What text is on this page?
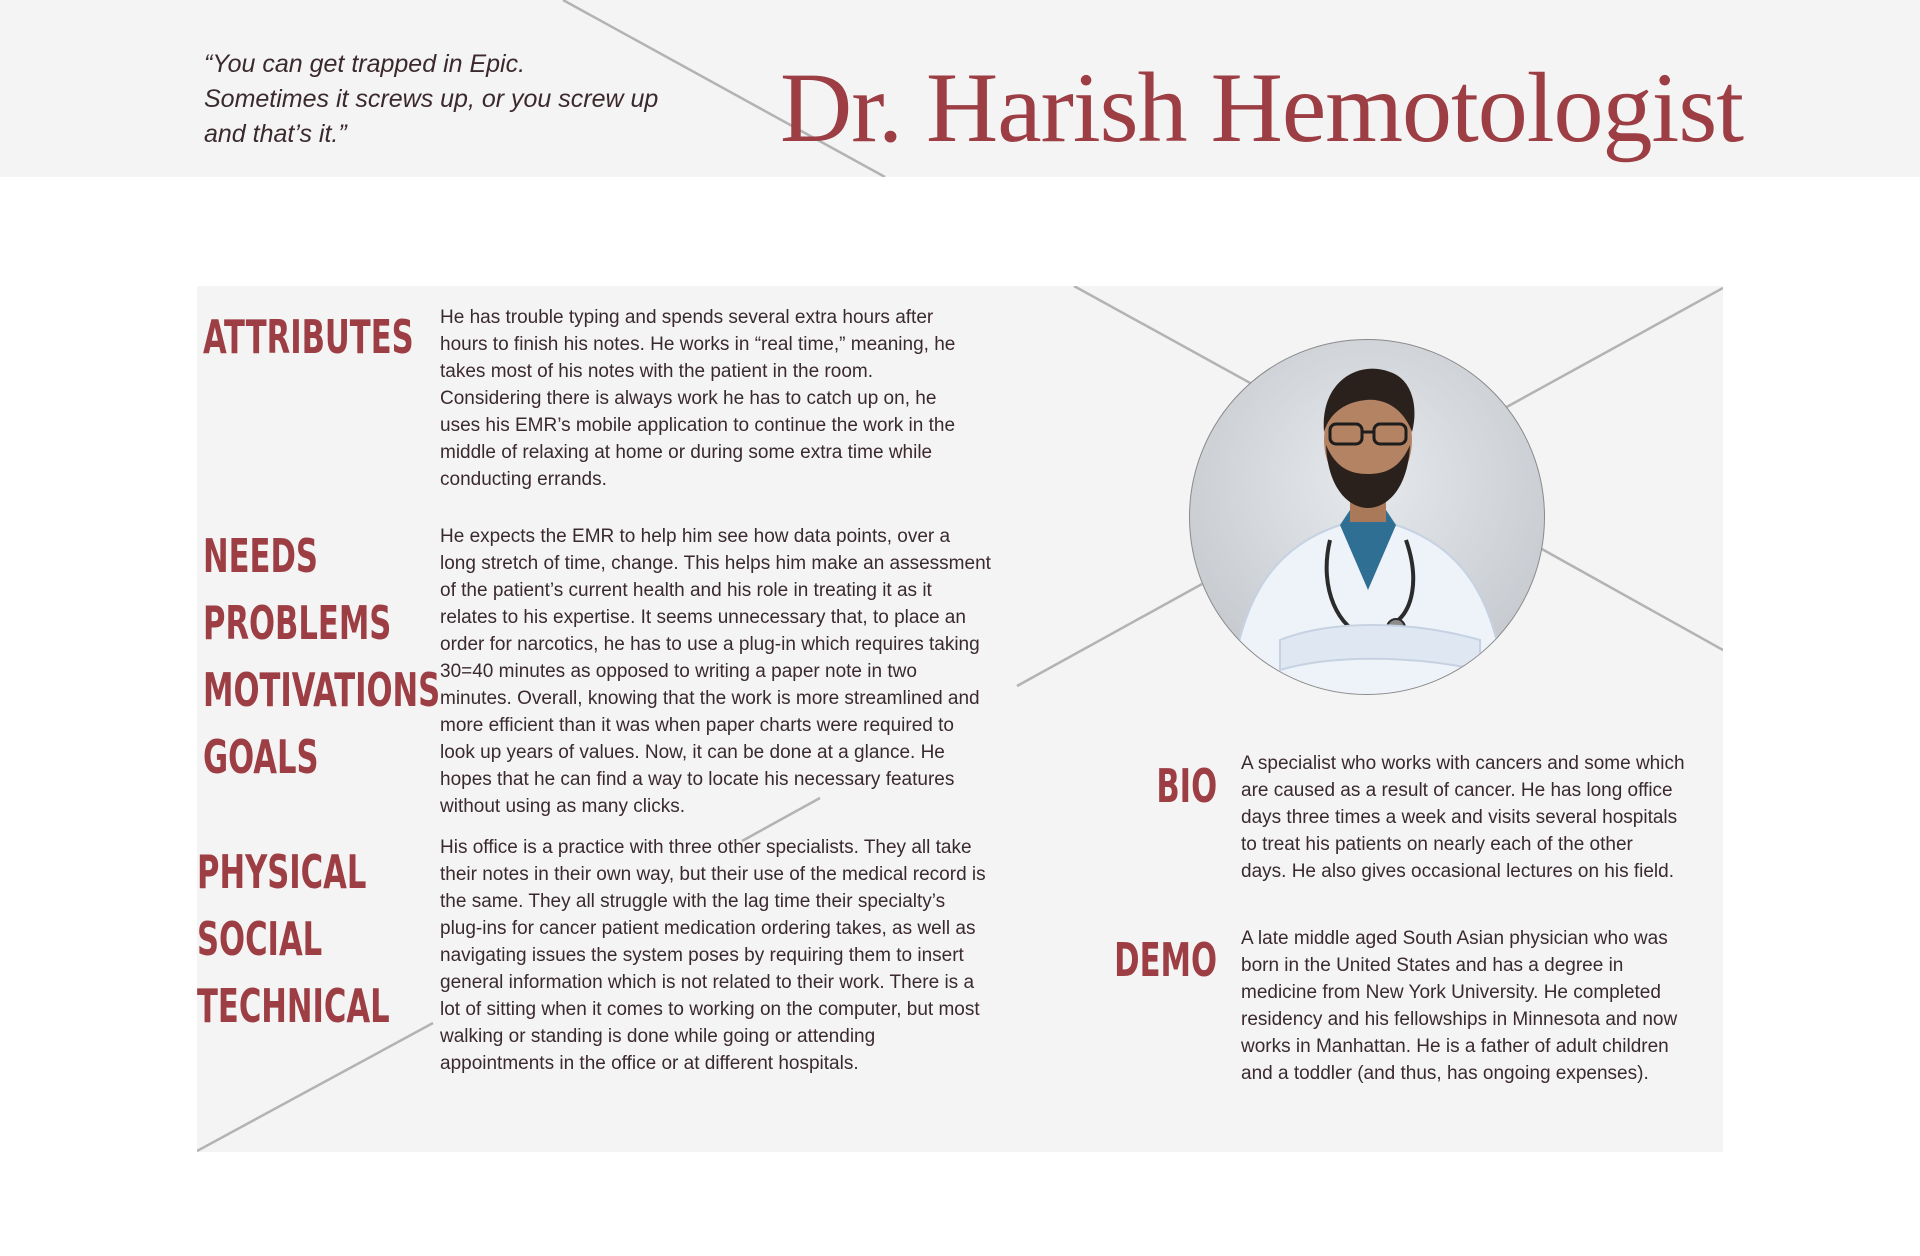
“You can get trapped in Epic.
Sometimes it screws up, or you screw up
and that’s it.”	Dr. Harish Hemotologist
ATTRIBUTES He has trouble typing and spends several extra hours after
hours to finish his notes. He works in “real time,” meaning, he
takes most of his notes with the patient in the room.
Considering there is always work he has to catch up on, he
uses his EMR’s mobile application to continue the work in the
middle of relaxing at home or during some extra time while
conducting errands.
NEEDS
PROBLEMS
MOTIVATIONS
GOALS
He expects the EMR to help him see how data points, over a
long stretch of time, change. This helps him make an assessment
of the patient’s current health and his role in treating it as it
relates to his expertise. It seems unnecessary that, to place an
order for narcotics, he has to use a plug-in which requires taking
30=40 minutes as opposed to writing a paper note in two
minutes. Overall, knowing that the work is more streamlined and
more efficient than it was when paper charts were required to
look up years of values. Now, it can be done at a glance. He
hopes that he can find a way to locate his necessary features
without using as many clicks.
PHYSICAL
SOCIAL
TECHNICAL
His office is a practice with three other specialists. They all take
their notes in their own way, but their use of the medical record is
the same. They all struggle with the lag time their specialty’s
plug-ins for cancer patient medication ordering takes, as well as
navigating issues the system poses by requiring them to insert
general information which is not related to their work. There is a
lot of sitting when it comes to working on the computer, but most
walking or standing is done while going or attending
appointments in the office or at different hospitals.
BIO A specialist who works with cancers and some which
are caused as a result of cancer. He has long office
days three times a week and visits several hospitals
to treat his patients on nearly each of the other
days. He also gives occasional lectures on his field.
DEMO A late middle aged South Asian physician who was
born in the United States and has a degree in
medicine from New York University. He completed
residency and his fellowships in Minnesota and now
works in Manhattan. He is a father of adult children
and a toddler (and thus, has ongoing expenses).
